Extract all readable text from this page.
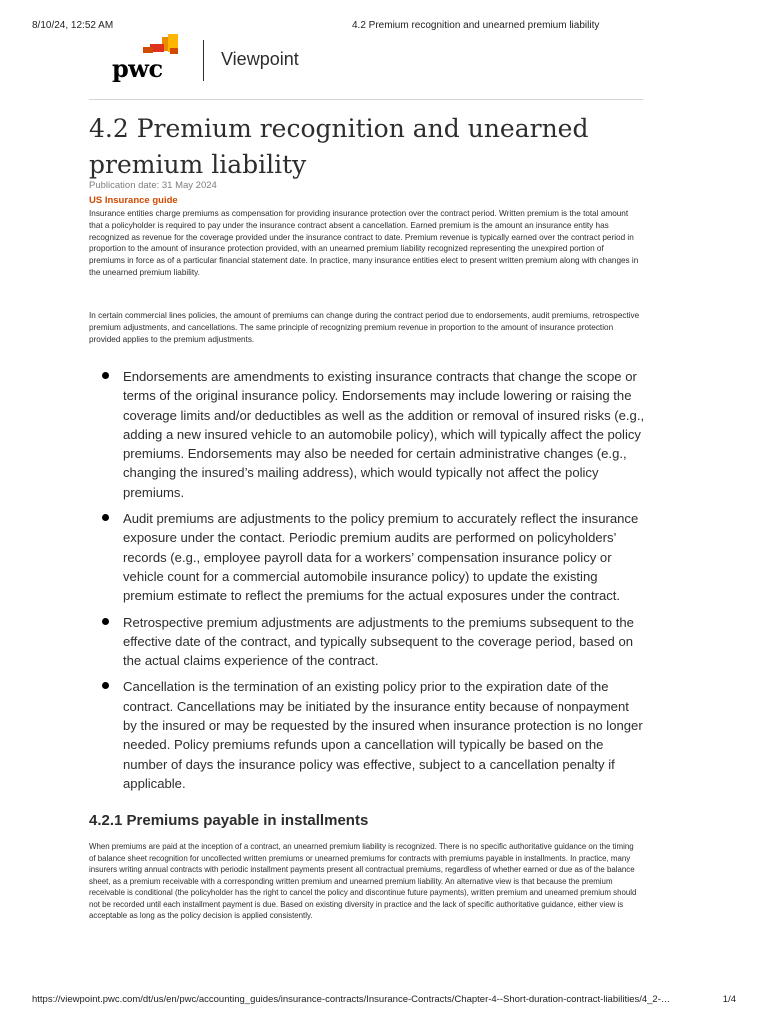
8/10/24, 12:52 AM	4.2 Premium recognition and unearned premium liability
pwc	Viewpoint
4.2 Premium recognition and unearned premium liability
Publication date: 31 May 2024
US Insurance guide

Insurance entities charge premiums as compensation for providing insurance protection over the contract period. Written premium is the total amount that a policyholder is required to pay under the insurance contract absent a cancellation. Earned premium is the amount an insurance entity has recognized as revenue for the coverage provided under the insurance contract to date. Premium revenue is typically earned over the contract period in proportion to the amount of insurance protection provided, with an unearned premium liability recognized representing the unexpired portion of premiums in force as of a particular financial statement date. In practice, many insurance entities elect to present written premium along with changes in the unearned premium liability.

In certain commercial lines policies, the amount of premiums can change during the contract period due to endorsements, audit premiums, retrospective premium adjustments, and cancellations. The same principle of recognizing premium revenue in proportion to the amount of insurance protection provided applies to the premium adjustments.

Endorsements are amendments to existing insurance contracts that change the scope or terms of the original insurance policy. Endorsements may include lowering or raising the coverage limits and/or deductibles as well as the addition or removal of insured risks (e.g., adding a new insured vehicle to an automobile policy), which will typically affect the policy premiums. Endorsements may also be needed for certain administrative changes (e.g., changing the insured’s mailing address), which would typically not affect the policy premiums.
Audit premiums are adjustments to the policy premium to accurately reflect the insurance exposure under the contact. Periodic premium audits are performed on policyholders’ records (e.g., employee payroll data for a workers’ compensation insurance policy or vehicle count for a commercial automobile insurance policy) to update the existing premium estimate to reflect the premiums for the actual exposures under the contract.
Retrospective premium adjustments are adjustments to the premiums subsequent to the effective date of the contract, and typically subsequent to the coverage period, based on the actual claims experience of the contract.
Cancellation is the termination of an existing policy prior to the expiration date of the contract. Cancellations may be initiated by the insurance entity because of nonpayment by the insured or may be requested by the insured when insurance protection is no longer needed. Policy premiums refunds upon a cancellation will typically be based on the number of days the insurance policy was effective, subject to a cancellation penalty if applicable.
4.2.1 Premiums payable in installments

When premiums are paid at the inception of a contract, an unearned premium liability is recognized. There is no specific authoritative guidance on the timing of balance sheet recognition for uncollected written premiums or unearned premiums for contracts with premiums payable in installments. In practice, many insurers writing annual contracts with periodic installment payments present all contractual premiums, regardless of whether earned or due as of the balance sheet, as a premium receivable with a corresponding written premium and unearned premium liability. An alternative view is that because the premium receivable is conditional (the policyholder has the right to cancel the policy and discontinue future payments), written premium and unearned premium should not be recorded until each installment payment is due. Based on existing diversity in practice and the lack of specific authoritative guidance, either view is acceptable as long as the policy decision is applied consistently.

https://viewpoint.pwc.com/dt/us/en/pwc/accounting_guides/insurance-contracts/Insurance-Contracts/Chapter-4--Short-duration-contract-liabilities/4_2-…	1/4
